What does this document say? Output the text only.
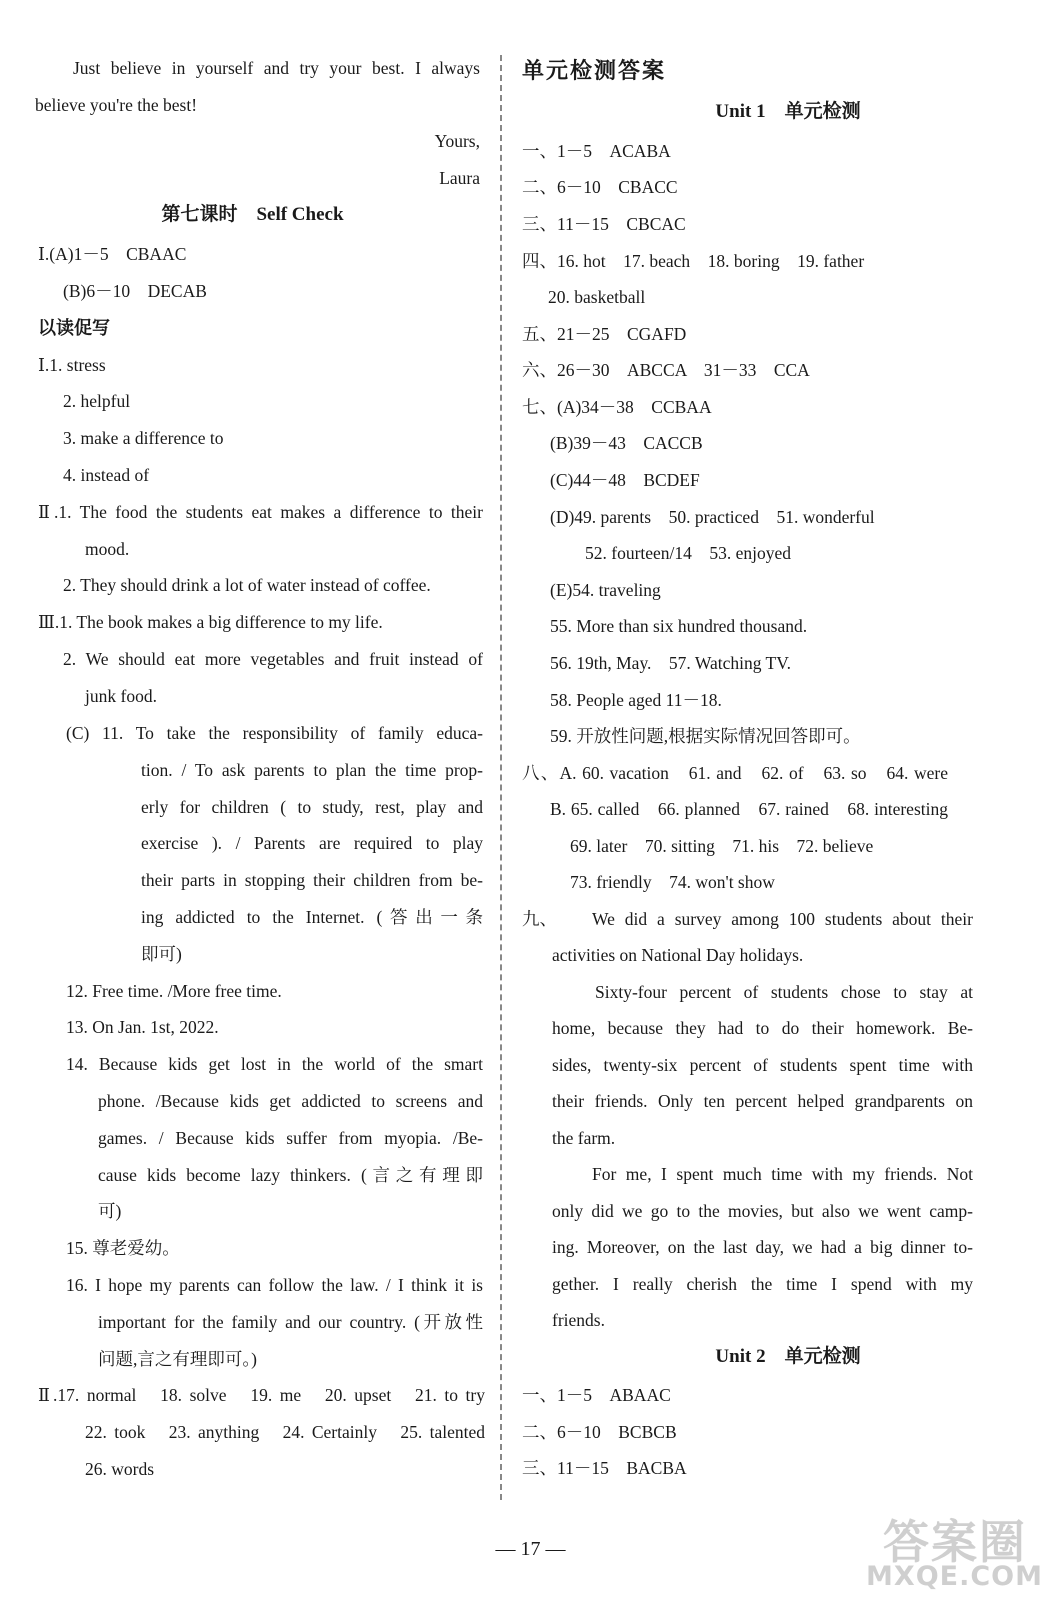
Just believe in yourself and try your best. I always
believe you're the best!
Yours,
Laura
第七课时　Self Check
Ⅰ.(A)1－5　CBAAC
(B)6－10　DECAB
以读促写
Ⅰ.1. stress
2. helpful
3. make a difference to
4. instead of
Ⅱ.1. The food the students eat makes a difference to their
mood.
2. They should drink a lot of water instead of coffee.
Ⅲ.1. The book makes a big difference to my life.
2. We should eat more vegetables and fruit instead of
junk food.
(C) 11. To take the responsibility of family educa-
tion. / To ask parents to plan the time prop-
erly for children ( to study, rest, play and
exercise ). / Parents are required to play
their parts in stopping their children from be-
ing addicted to the Internet. (答出一条
即可)
12. Free time. /More free time.
13. On Jan. 1st, 2022.
14. Because kids get lost in the world of the smart
phone. /Because kids get addicted to screens and
games. / Because kids suffer from myopia. /Be-
cause kids become lazy thinkers. (言之有理即
可)
15. 尊老爱幼。
16. I hope my parents can follow the law. / I think it is
important for the family and our country. (开放性
问题,言之有理即可。)
Ⅱ.17. normal　18. solve　19. me　20. upset　21. to try
22. took　23. anything　24. Certainly　25. talented
26. words
单元检测答案
Unit 1　单元检测
一、1－5　ACABA
二、6－10　CBACC
三、11－15　CBCAC
四、16. hot　17. beach　18. boring　19. father
20. basketball
五、21－25　CGAFD
六、26－30　ABCCA　31－33　CCA
七、(A)34－38　CCBAA
(B)39－43　CACCB
(C)44－48　BCDEF
(D)49. parents　50. practiced　51. wonderful
52. fourteen/14　53. enjoyed
(E)54. traveling
55. More than six hundred thousand.
56. 19th, May.　57. Watching TV.
58. People aged 11－18.
59. 开放性问题,根据实际情况回答即可。
八、A. 60. vacation　61. and　62. of　63. so　64. were
B. 65. called　66. planned　67. rained　68. interesting
69. later　70. sitting　71. his　72. believe
73. friendly　74. won't show
九、 We did a survey among 100 students about their
activities on National Day holidays.
Sixty-four percent of students chose to stay at
home, because they had to do their homework. Be-
sides, twenty-six percent of students spent time with
their friends. Only ten percent helped grandparents on
the farm.
For me, I spent much time with my friends. Not
only did we go to the movies, but also we went camp-
ing. Moreover, on the last day, we had a big dinner to-
gether. I really cherish the time I spend with my
friends.
Unit 2　单元检测
一、1－5　ABAAC
二、6－10　BCBCB
三、11－15　BACBA
— 17 —	答案圈
MXQE.COM
